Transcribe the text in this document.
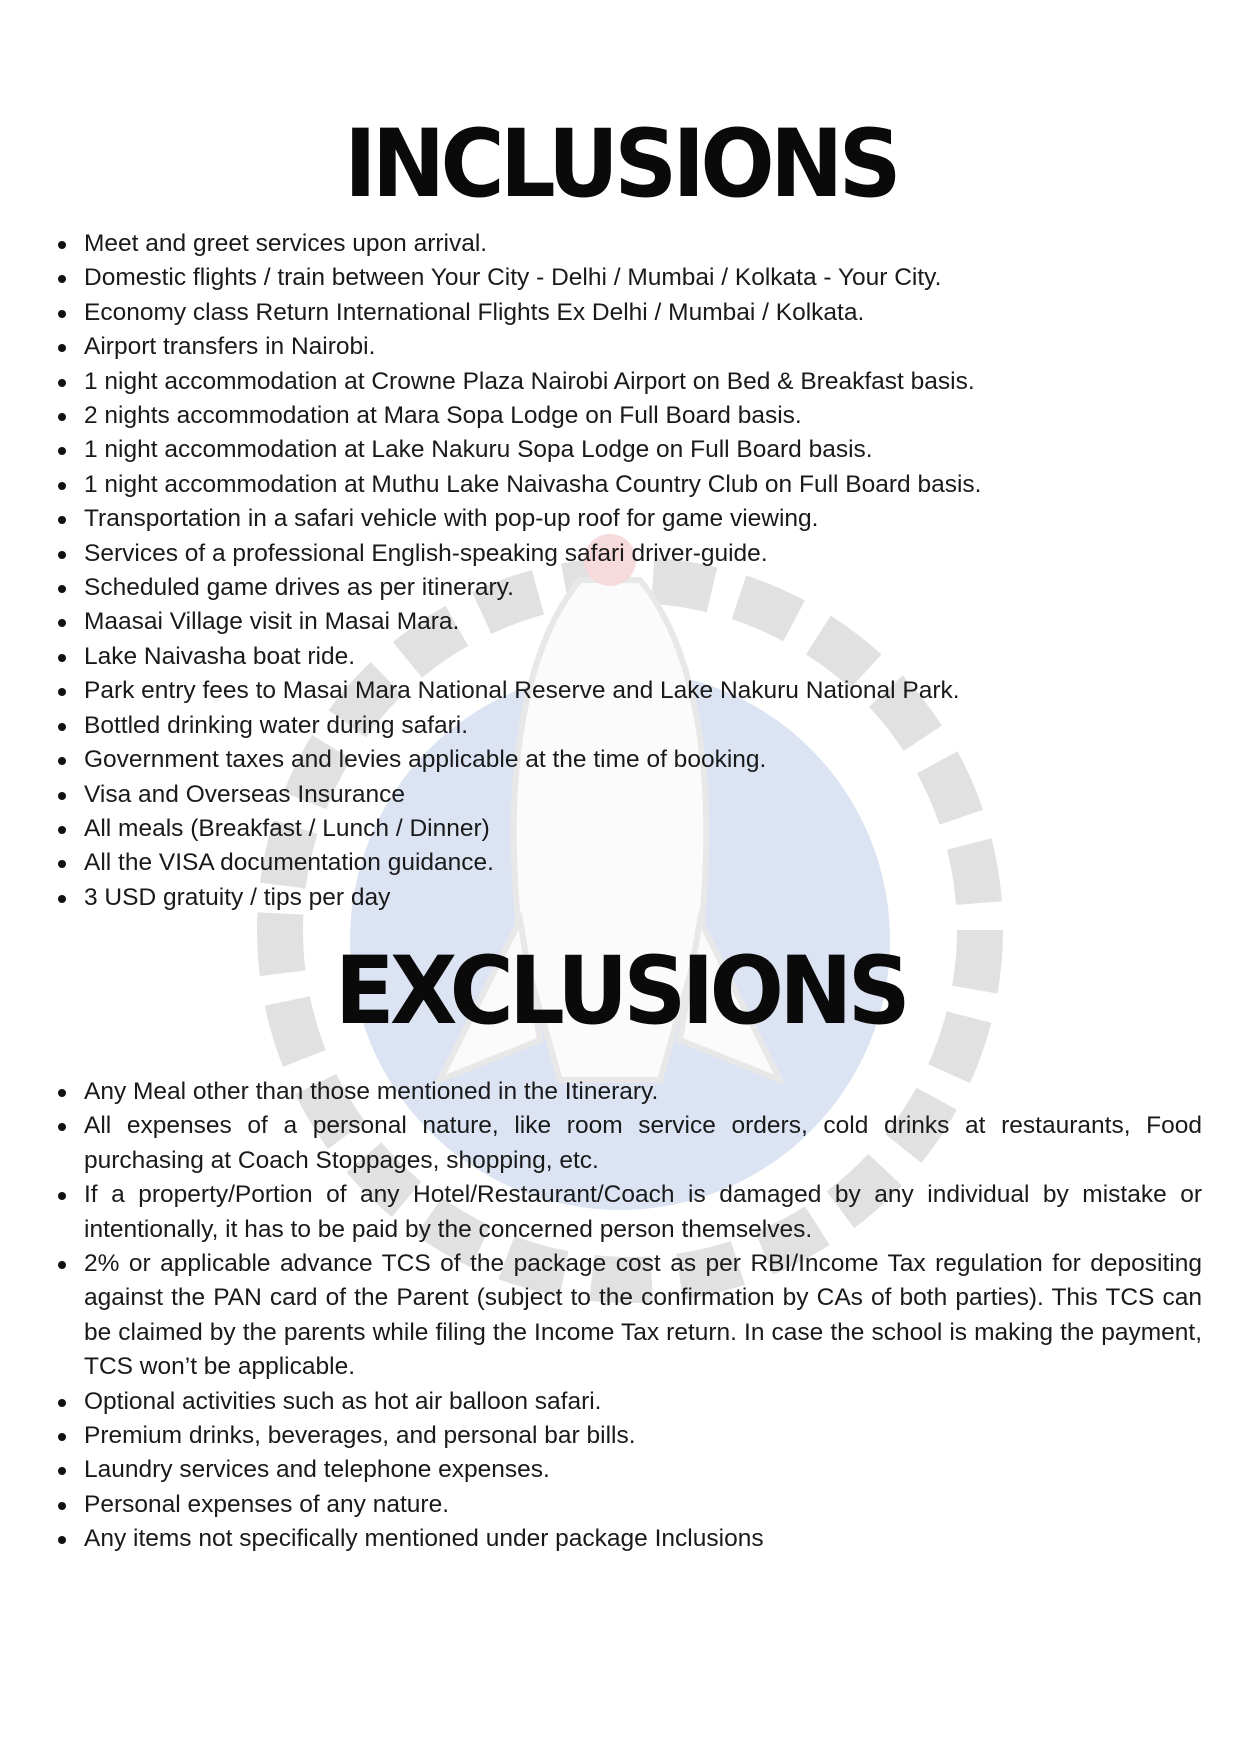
INCLUSIONS
Meet and greet services upon arrival.
Domestic flights / train between Your City - Delhi / Mumbai / Kolkata - Your City.
Economy class Return International Flights Ex Delhi / Mumbai / Kolkata.
Airport transfers in Nairobi.
1 night accommodation at Crowne Plaza Nairobi Airport on Bed & Breakfast basis.
2 nights accommodation at Mara Sopa Lodge on Full Board basis.
1 night accommodation at Lake Nakuru Sopa Lodge on Full Board basis.
1 night accommodation at Muthu Lake Naivasha Country Club on Full Board basis.
Transportation in a safari vehicle with pop-up roof for game viewing.
Services of a professional English-speaking safari driver-guide.
Scheduled game drives as per itinerary.
Maasai Village visit in Masai Mara.
Lake Naivasha boat ride.
Park entry fees to Masai Mara National Reserve and Lake Nakuru National Park.
Bottled drinking water during safari.
Government taxes and levies applicable at the time of booking.
Visa and Overseas Insurance
All meals (Breakfast / Lunch / Dinner)
All the VISA documentation guidance.
3 USD gratuity / tips per day
EXCLUSIONS
Any Meal other than those mentioned in the Itinerary.
All expenses of a personal nature, like room service orders, cold drinks at restaurants, Food purchasing at Coach Stoppages, shopping, etc.
If a property/Portion of any Hotel/Restaurant/Coach is damaged by any individual by mistake or intentionally, it has to be paid by the concerned person themselves.
2% or applicable advance TCS of the package cost as per RBI/Income Tax regulation for depositing against the PAN card of the Parent (subject to the confirmation by CAs of both parties). This TCS can be claimed by the parents while filing the Income Tax return. In case the school is making the payment, TCS won’t be applicable.
Optional activities such as hot air balloon safari.
Premium drinks, beverages, and personal bar bills.
Laundry services and telephone expenses.
Personal expenses of any nature.
Any items not specifically mentioned under package Inclusions
